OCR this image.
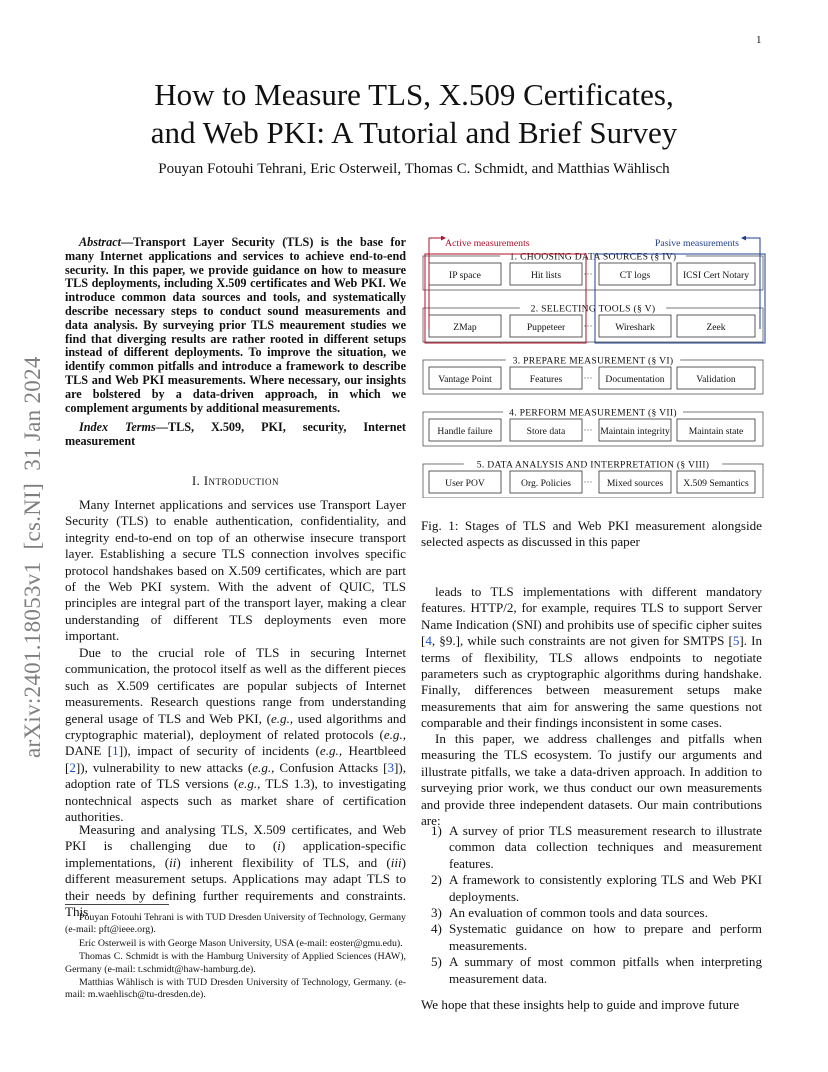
1
arXiv:2401.18053v1  [cs.NI]  31 Jan 2024
How to Measure TLS, X.509 Certificates,
and Web PKI: A Tutorial and Brief Survey
Pouyan Fotouhi Tehrani, Eric Osterweil, Thomas C. Schmidt, and Matthias Wählisch
Abstract—Transport Layer Security (TLS) is the base for many Internet applications and services to achieve end-to-end security. In this paper, we provide guidance on how to measure TLS deployments, including X.509 certificates and Web PKI. We introduce common data sources and tools, and systematically describe necessary steps to conduct sound measurements and data analysis. By surveying prior TLS meaurement studies we find that diverging results are rather rooted in different setups instead of different deployments. To improve the situation, we identify common pitfalls and introduce a framework to describe TLS and Web PKI measurements. Where necessary, our insights are bolstered by a data-driven approach, in which we complement arguments by additional measurements.
Index Terms—TLS, X.509, PKI, security, Internet measurement
I. Introduction
Many Internet applications and services use Transport Layer Security (TLS) to enable authentication, confidentiality, and integrity end-to-end on top of an otherwise insecure transport layer. Establishing a secure TLS connection involves specific protocol handshakes based on X.509 certificates, which are part of the Web PKI system. With the advent of QUIC, TLS principles are integral part of the transport layer, making a clear understanding of different TLS deployments even more important.
Due to the crucial role of TLS in securing Internet communication, the protocol itself as well as the different pieces such as X.509 certificates are popular subjects of Internet measurements. Research questions range from understanding general usage of TLS and Web PKI, (e.g., used algorithms and cryptographic material), deployment of related protocols (e.g., DANE [1]), impact of security of incidents (e.g., Heartbleed [2]), vulnerability to new attacks (e.g., Confusion Attacks [3]), adoption rate of TLS versions (e.g., TLS 1.3), to investigating nontechnical aspects such as market share of certification authorities.
Measuring and analysing TLS, X.509 certificates, and Web PKI is challenging due to (i) application-specific implementations, (ii) inherent flexibility of TLS, and (iii) different measurement setups. Applications may adapt TLS to their needs by defining further requirements and constraints. This

Pouyan Fotouhi Tehrani is with TUD Dresden University of Technology, Germany (e-mail: pft@ieee.org).

Eric Osterweil is with George Mason University, USA (e-mail: eoster@gmu.edu).

Thomas C. Schmidt is with the Hamburg University of Applied Sciences (HAW), Germany (e-mail: t.schmidt@haw-hamburg.de).

Matthias Wählisch is with TUD Dresden University of Technology, Germany. (e-mail: m.waehlisch@tu-dresden.de).

1. CHOOSING DATA SOURCES (§ IV)
IP space	Hit lists	CT logs	ICSI Cert Notary
···
2. SELECTING TOOLS (§ V)
ZMap	Puppeteer	Wireshark	Zeek
···
3. PREPARE MEASUREMENT (§ VI)
Vantage Point	Features	Documentation	Validation
···
4. PERFORM MEASUREMENT (§ VII)
Handle failure	Store data	Maintain integrity Maintain state
···
5. DATA ANALYSIS AND INTERPRETATION (§ VIII)
User POV	Org. Policies	Mixed sources X.509 Semantics
···
Active measurements	Pasive measurements
Fig. 1: Stages of TLS and Web PKI measurement alongside selected aspects as discussed in this paper
leads to TLS implementations with different mandatory features. HTTP/2, for example, requires TLS to support Server Name Indication (SNI) and prohibits use of specific cipher suites [4, §9.], while such constraints are not given for SMTPS [5]. In terms of flexibility, TLS allows endpoints to negotiate parameters such as cryptographic algorithms during handshake. Finally, differences between measurement setups make measurements that aim for answering the same questions not comparable and their findings inconsistent in some cases.
In this paper, we address challenges and pitfalls when measuring the TLS ecosystem. To justify our arguments and illustrate pitfalls, we take a data-driven approach. In addition to surveying prior work, we thus conduct our own measurements and provide three independent datasets. Our main contributions are:
1) A survey of prior TLS measurement research to illustrate common data collection techniques and measurement features.
2) A framework to consistently exploring TLS and Web PKI deployments.
3) An evaluation of common tools and data sources.
4) Systematic guidance on how to prepare and perform measurements.
5) A summary of most common pitfalls when interpreting measurement data.
We hope that these insights help to guide and improve future
